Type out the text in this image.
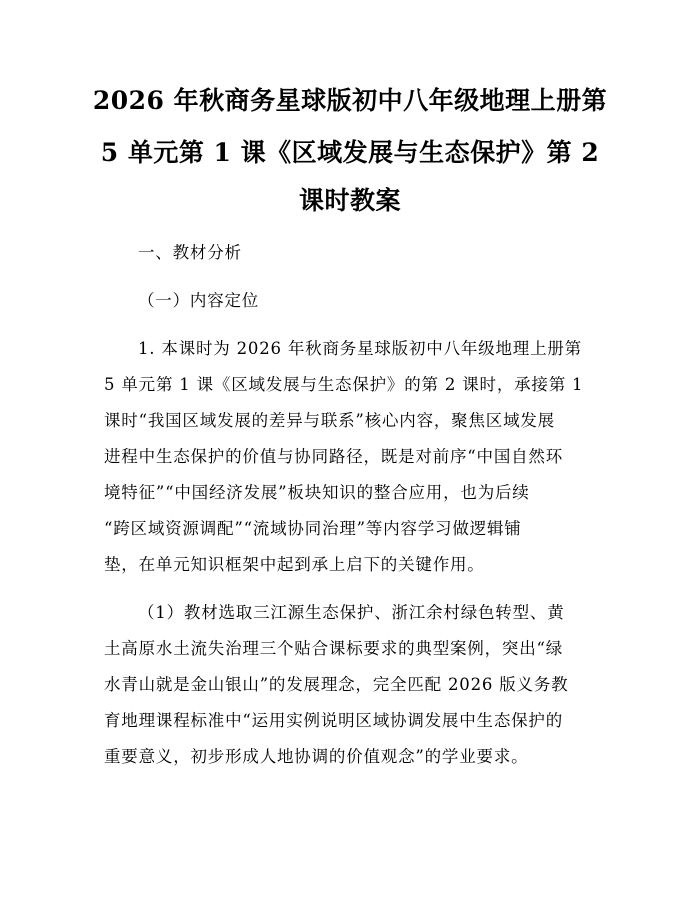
2026 年秋商务星球版初中八年级地理上册第
5 单元第 1 课《区域发展与生态保护》第 2
课时教案
一、教材分析
（一）内容定位
1. 本课时为 2026 年秋商务星球版初中八年级地理上册第
5 单元第 1 课《区域发展与生态保护》的第 2 课时，承接第 1
课时“我国区域发展的差异与联系”核心内容，聚焦区域发展
进程中生态保护的价值与协同路径，既是对前序“中国自然环
境特征”“中国经济发展”板块知识的整合应用，也为后续
“跨区域资源调配”“流域协同治理”等内容学习做逻辑铺
垫，在单元知识框架中起到承上启下的关键作用。
（1）教材选取三江源生态保护、浙江余村绿色转型、黄
土高原水土流失治理三个贴合课标要求的典型案例，突出“绿
水青山就是金山银山”的发展理念，完全匹配 2026 版义务教
育地理课程标准中“运用实例说明区域协调发展中生态保护的
重要意义，初步形成人地协调的价值观念”的学业要求。
